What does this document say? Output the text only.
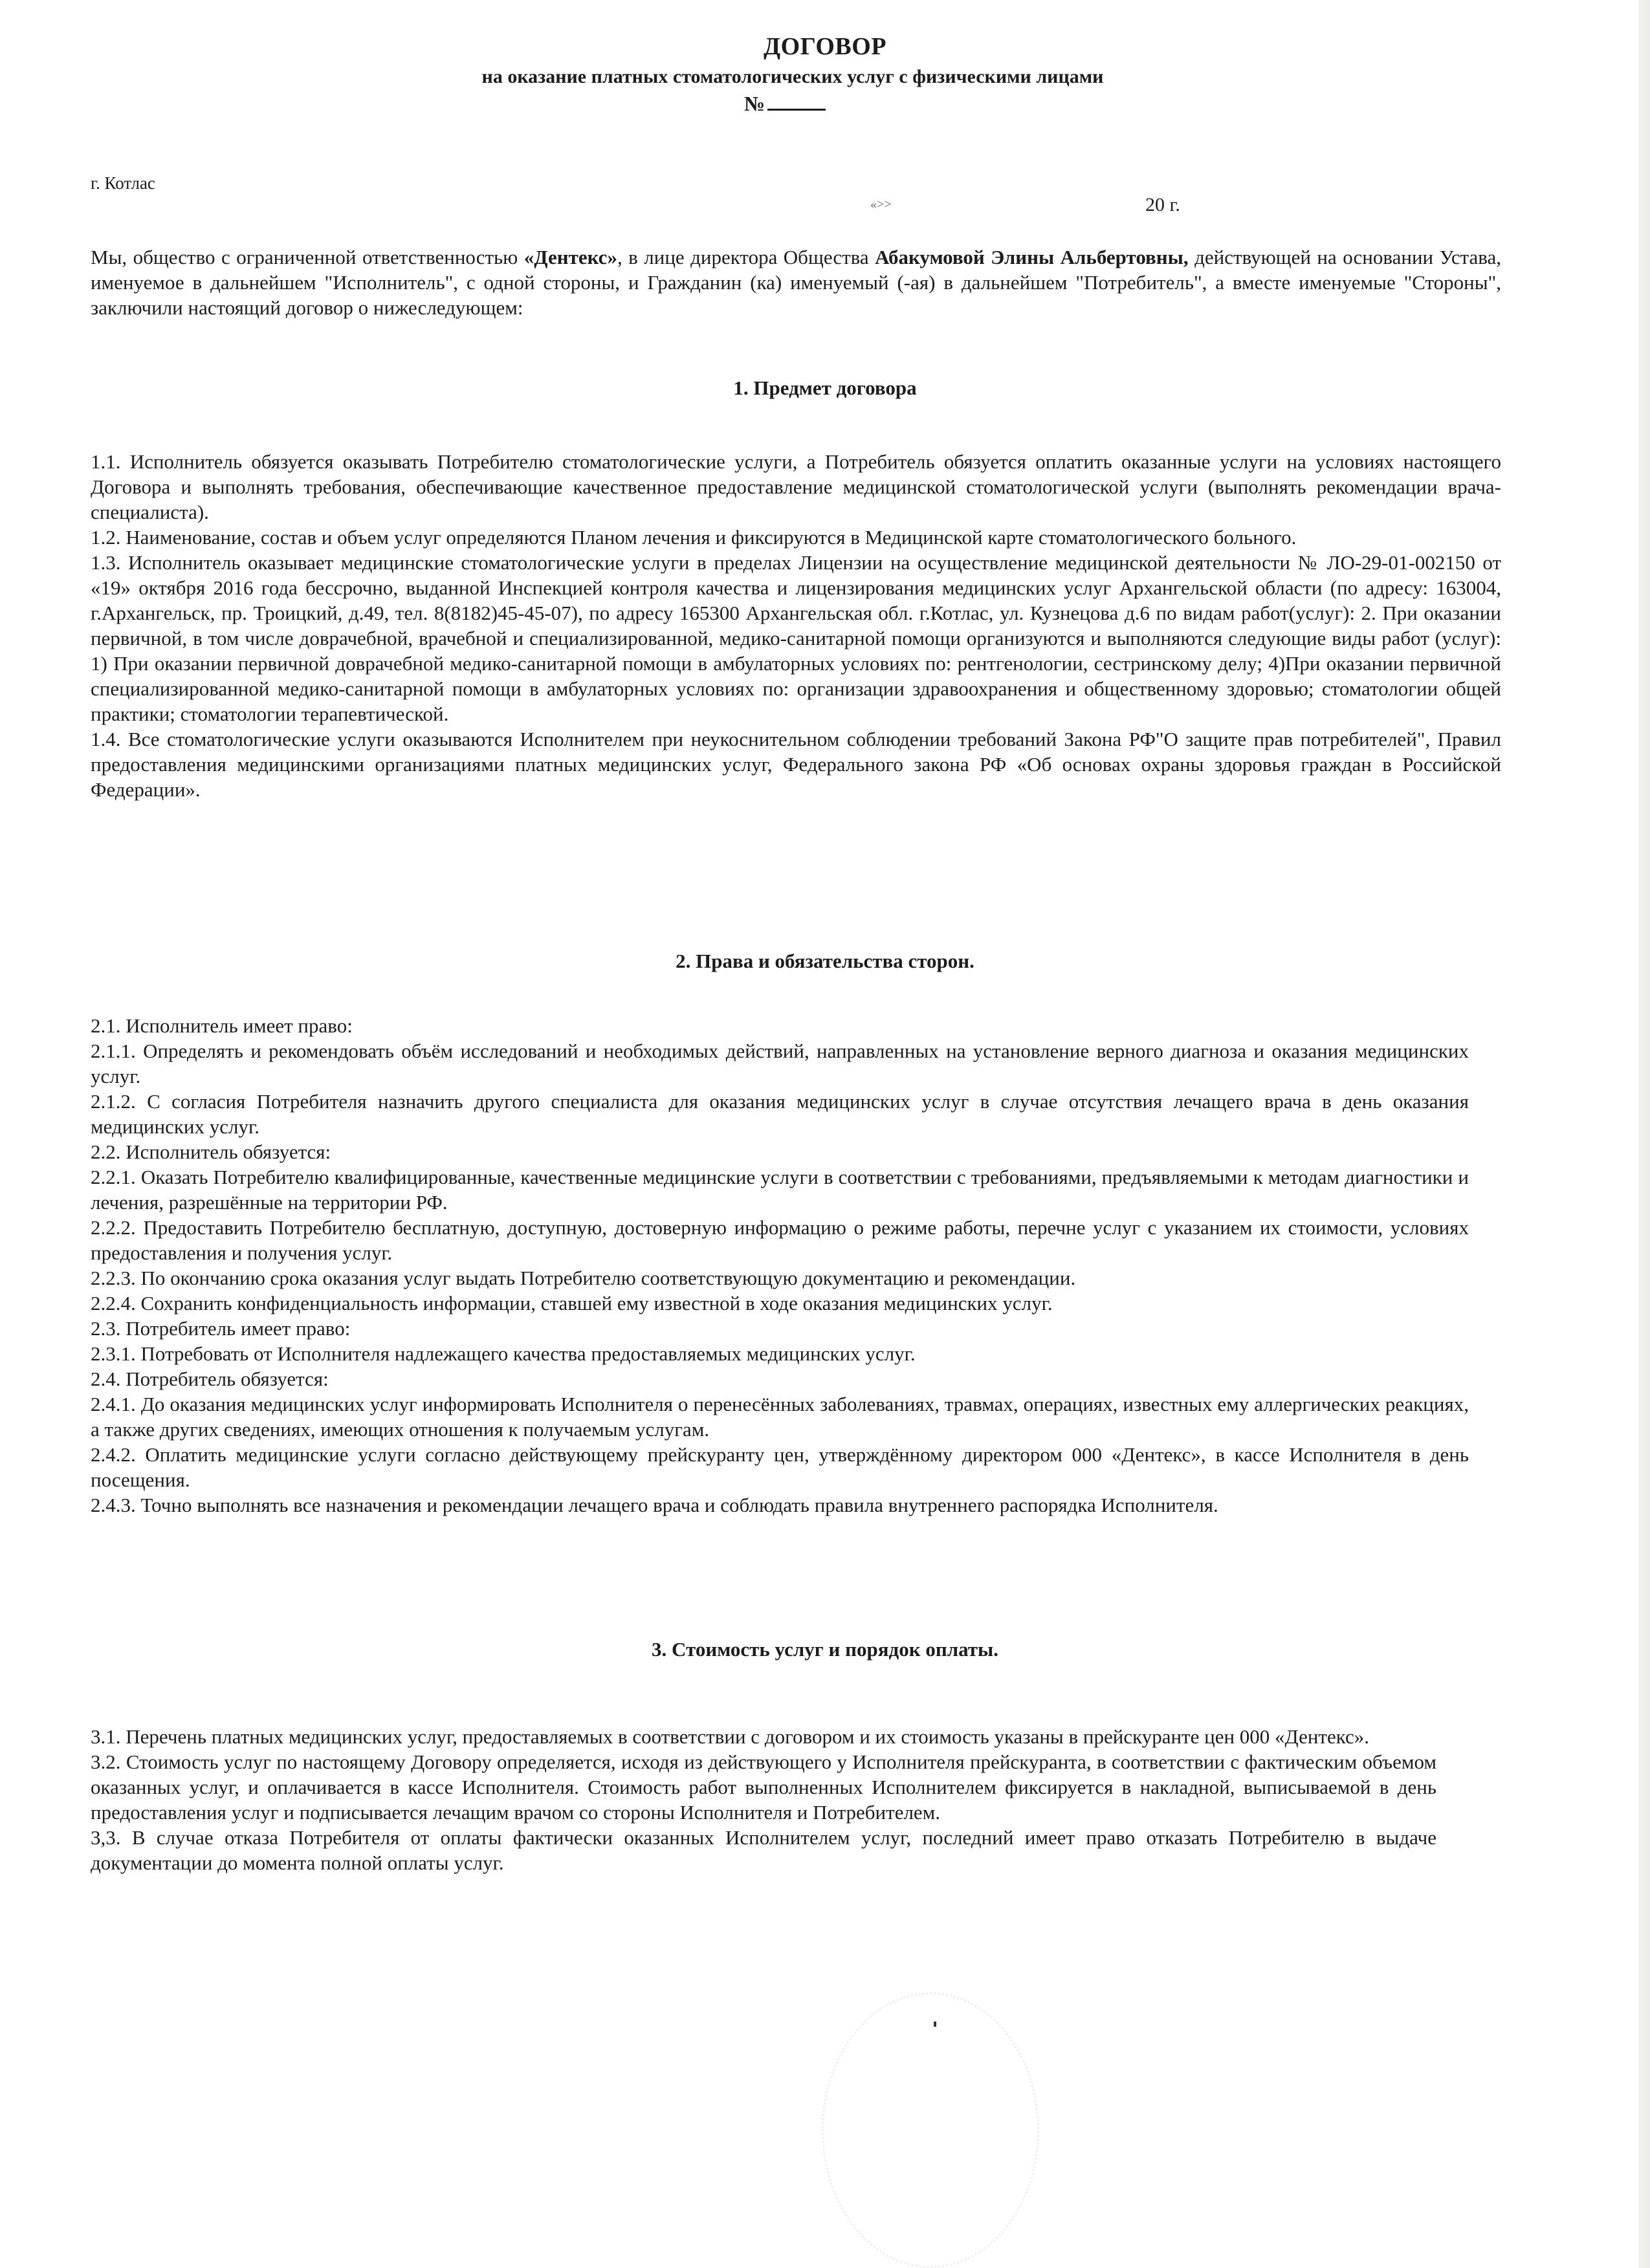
ДОГОВОР
на оказание платных стоматологических услуг с физическими лицами
№
г. Котлас
«>>	20 г.

Мы, общество с ограниченной ответственностью «Дентекс», в лице директора Общества Абакумовой Элины Альбертовны, действующей на основании Устава, именуемое в дальнейшем "Исполнитель", с одной стороны, и Гражданин (ка) именуемый (-ая) в дальнейшем "Потребитель", а вместе именуемые "Стороны", заключили настоящий договор о нижеследующем:

1. Предмет договора

1.1. Исполнитель обязуется оказывать Потребителю стоматологические услуги, а Потребитель обязуется оплатить оказанные услуги на условиях настоящего Договора и выполнять требования, обеспечивающие качественное предоставление медицинской стоматологической услуги (выполнять рекомендации врача-специалиста).

1.2. Наименование, состав и объем услуг определяются Планом лечения и фиксируются в Медицинской карте стоматологического больного.

1.3. Исполнитель оказывает медицинские стоматологические услуги в пределах Лицензии на осуществление медицинской деятельности № ЛО-29-01-002150 от «19» октября 2016 года бессрочно, выданной Инспекцией контроля качества и лицензирования медицинских услуг Архангельской области (по адресу: 163004, г.Архангельск, пр. Троицкий, д.49, тел. 8(8182)45-45-07), по адресу 165300 Архангельская обл. г.Котлас, ул. Кузнецова д.6 по видам работ(услуг): 2. При оказании первичной, в том числе доврачебной, врачебной и специализированной, медико-санитарной помощи организуются и выполняются следующие виды работ (услуг): 1) При оказании первичной доврачебной медико-санитарной помощи в амбулаторных условиях по: рентгенологии, сестринскому делу; 4)При оказании первичной специализированной медико-санитарной помощи в амбулаторных условиях по: организации здравоохранения и общественному здоровью; стоматологии общей практики; стоматологии терапевтической.

1.4. Все стоматологические услуги оказываются Исполнителем при неукоснительном соблюдении требований Закона РФ"О защите прав потребителей", Правил предоставления медицинскими организациями платных медицинских услуг, Федерального закона РФ «Об основах охраны здоровья граждан в Российской Федерации».

2. Права и обязательства сторон.

2.1. Исполнитель имеет право:

2.1.1. Определять и рекомендовать объём исследований и необходимых действий, направленных на установление верного диагноза и оказания медицинских услуг.

2.1.2. С согласия Потребителя назначить другого специалиста для оказания медицинских услуг в случае отсутствия лечащего врача в день оказания медицинских услуг.

2.2. Исполнитель обязуется:

2.2.1. Оказать Потребителю квалифицированные, качественные медицинские услуги в соответствии с требованиями, предъявляемыми к методам диагностики и лечения, разрешённые на территории РФ.

2.2.2. Предоставить Потребителю бесплатную, доступную, достоверную информацию о режиме работы, перечне услуг с указанием их стоимости, условиях предоставления и получения услуг.

2.2.3. По окончанию срока оказания услуг выдать Потребителю соответствующую документацию и рекомендации.

2.2.4. Сохранить конфиденциальность информации, ставшей ему известной в ходе оказания медицинских услуг.

2.3. Потребитель имеет право:

2.3.1. Потребовать от Исполнителя надлежащего качества предоставляемых медицинских услуг.

2.4. Потребитель обязуется:

2.4.1. До оказания медицинских услуг информировать Исполнителя о перенесённых заболеваниях, травмах, операциях, известных ему аллергических реакциях, а также других сведениях, имеющих отношения к получаемым услугам.

2.4.2. Оплатить медицинские услуги согласно действующему прейскуранту цен, утверждённому директором 000 «Дентекс», в кассе Исполнителя в день посещения.

2.4.3. Точно выполнять все назначения и рекомендации лечащего врача и соблюдать правила внутреннего распорядка Исполнителя.

3. Стоимость услуг и порядок оплаты.

3.1. Перечень платных медицинских услуг, предоставляемых в соответствии с договором и их стоимость указаны в прейскуранте цен 000 «Дентекс».

3.2. Стоимость услуг по настоящему Договору определяется, исходя из действующего у Исполнителя прейскуранта, в соответствии с фактическим объемом оказанных услуг, и оплачивается в кассе Исполнителя. Стоимость работ выполненных Исполнителем фиксируется в накладной, выписываемой в день предоставления услуг и подписывается лечащим врачом со стороны Исполнителя и Потребителем.

3,3. В случае отказа Потребителя от оплаты фактически оказанных Исполнителем услуг, последний имеет право отказать Потребителю в выдаче документации до момента полной оплаты услуг.
